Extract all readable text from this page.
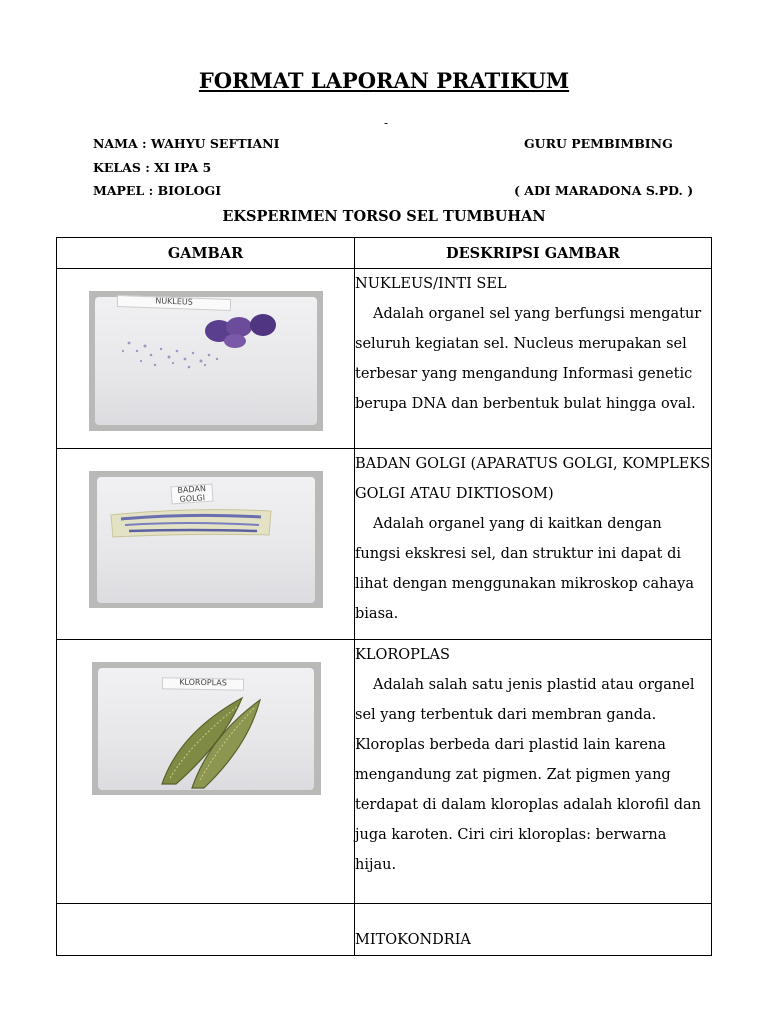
FORMAT LAPORAN PRATIKUM
-
NAMA : WAHYU SEFTIANI
KELAS : XI IPA 5
MAPEL : BIOLOGI
GURU PEMBIMBING
( ADI MARADONA S.PD. )
EKSPERIMEN TORSO SEL TUMBUHAN
GAMBAR	DESKRIPSI GAMBAR

NUKLEUS	NUKLEUS/INTI SEL
Adalah organel sel yang berfungsi mengatur seluruh kegiatan sel. Nucleus merupakan sel terbesar yang mengandung Informasi genetic berupa DNA dan berbentuk bulat hingga oval.

BADAN GOLGI	BADAN GOLGI (APARATUS GOLGI, KOMPLEKS GOLGI ATAU DIKTIOSOM)
Adalah organel yang di kaitkan dengan fungsi ekskresi sel, dan struktur ini dapat di lihat dengan menggunakan mikroskop cahaya biasa.

KLOROPLAS	KLOROPLAS
Adalah salah satu jenis plastid atau organel sel yang terbentuk dari membran ganda. Kloroplas berbeda dari plastid lain karena mengandung zat pigmen. Zat pigmen yang terdapat di dalam kloroplas adalah klorofil dan juga karoten. Ciri ciri kloroplas: berwarna hijau.

	MITOKONDRIA
